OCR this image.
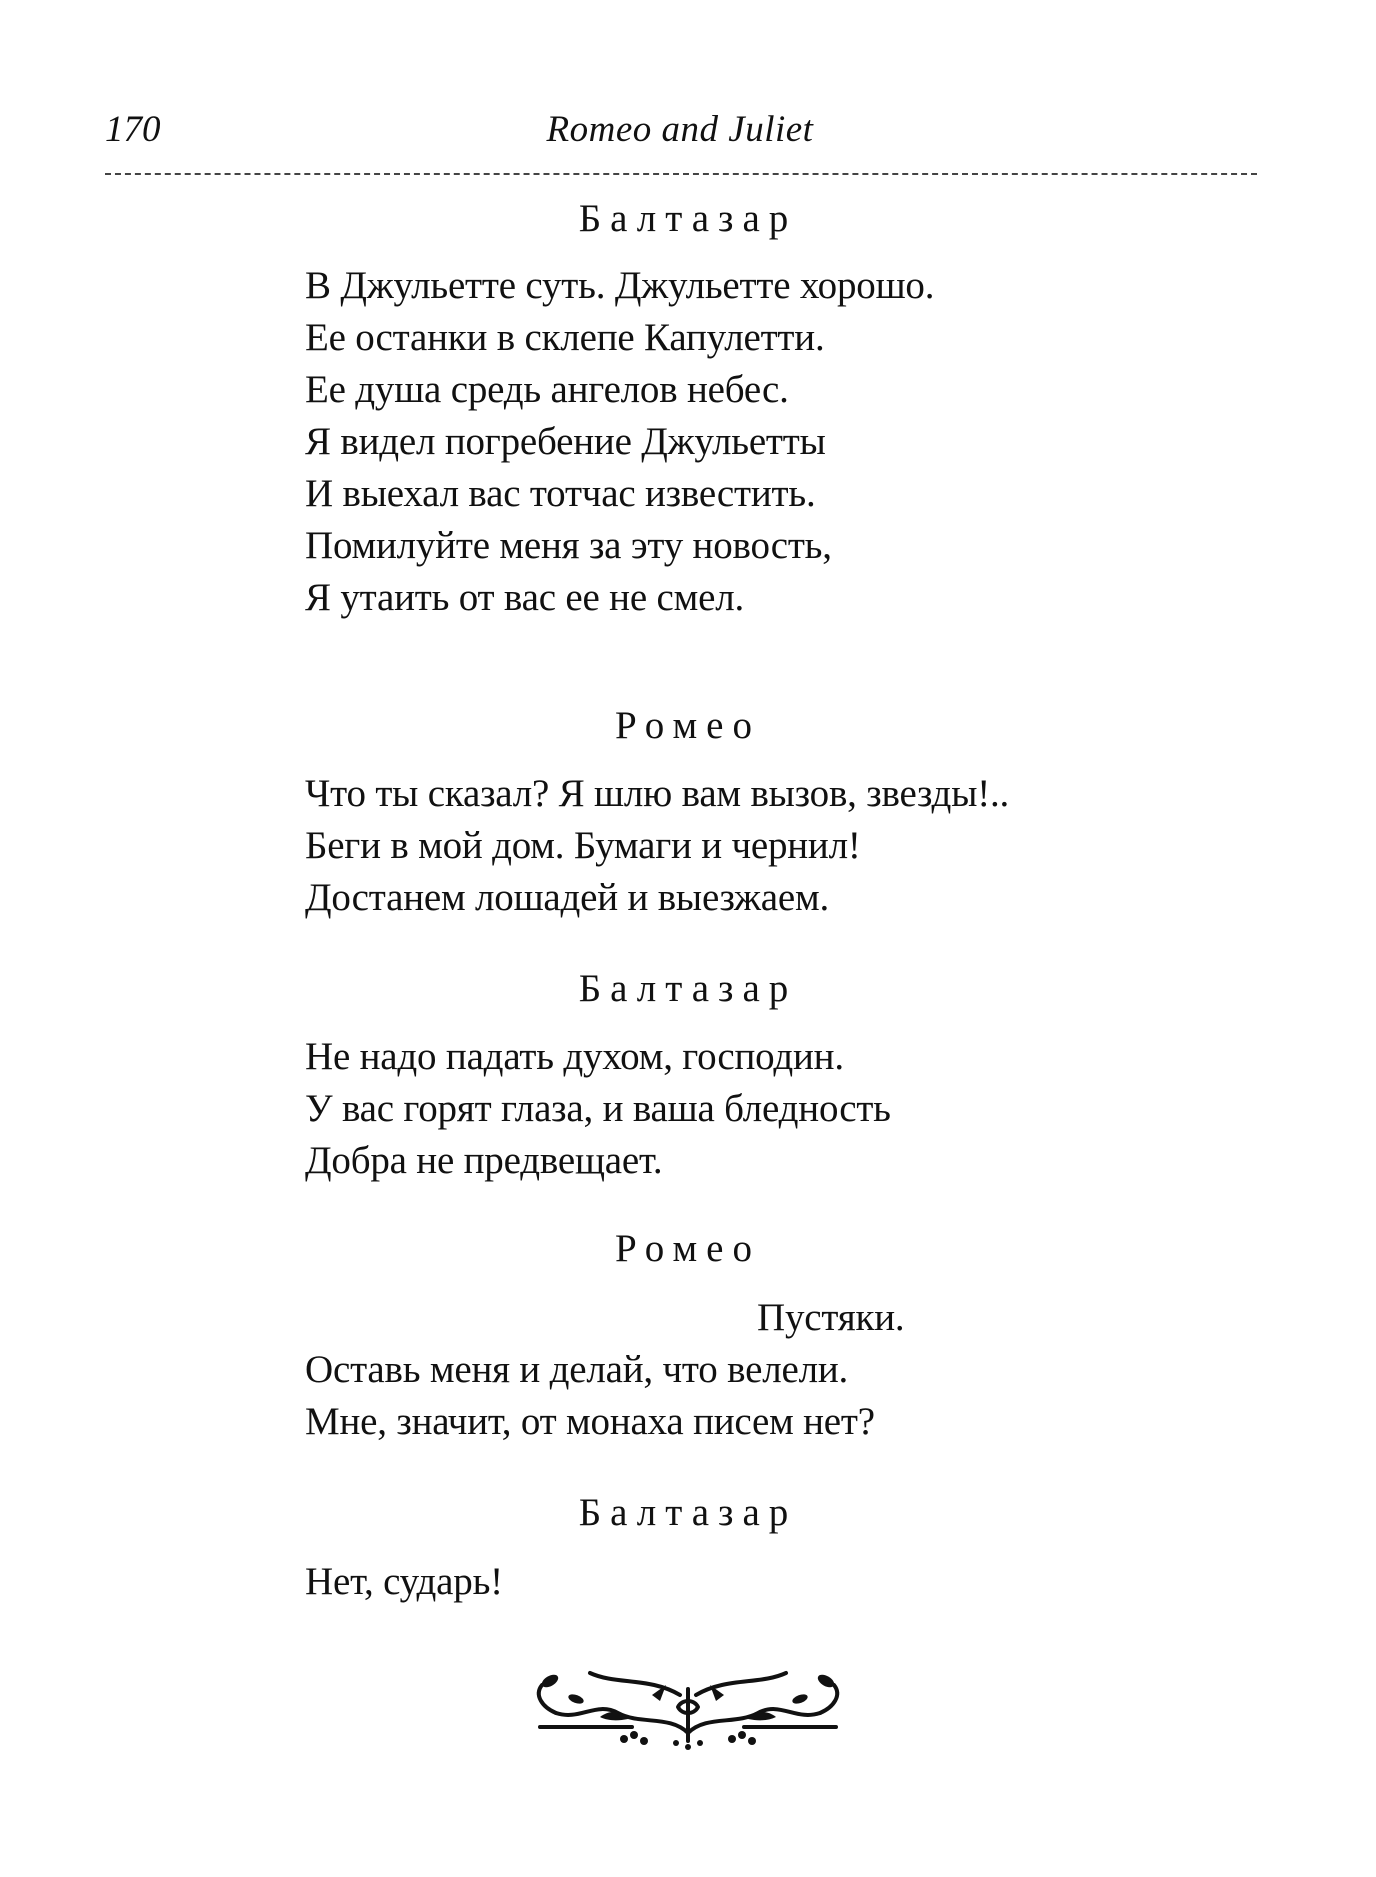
170	Romeo and Juliet
Балтазар
В Джульетте суть. Джульетте хорошо.
Ее останки в склепе Капулетти.
Ее душа средь ангелов небес.
Я видел погребение Джульетты
И выехал вас тотчас известить.
Помилуйте меня за эту новость,
Я утаить от вас ее не смел.
Ромео
Что ты сказал? Я шлю вам вызов, звезды!..
Беги в мой дом. Бумаги и чернил!
Достанем лошадей и выезжаем.
Балтазар
Не надо падать духом, господин.
У вас горят глаза, и ваша бледность
Добра не предвещает.
Ромео
Пустяки.
Оставь меня и делай, что велели.
Мне, значит, от монаха писем нет?
Балтазар
Нет, сударь!
